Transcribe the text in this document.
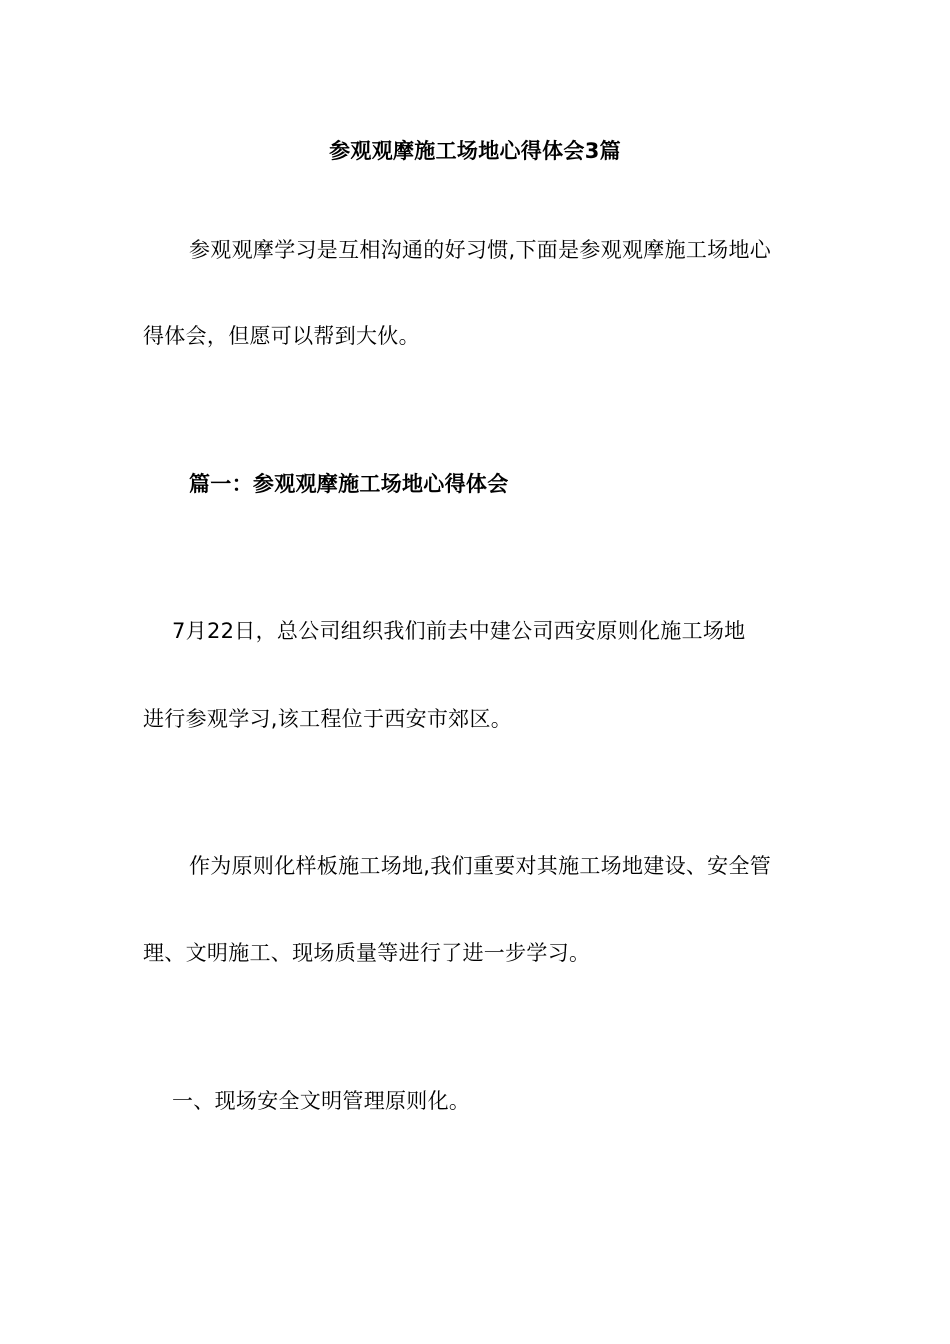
参观观摩施工场地心得体会3篇
参观观摩学习是互相沟通的好习惯,下面是参观观摩施工场地心
得体会，但愿可以帮到大伙。
篇一：参观观摩施工场地心得体会
7月22日，总公司组织我们前去中建公司西安原则化施工场地
进行参观学习,该工程位于西安市郊区。
作为原则化样板施工场地,我们重要对其施工场地建设、安全管
理、文明施工、现场质量等进行了进一步学习。
一、现场安全文明管理原则化。
